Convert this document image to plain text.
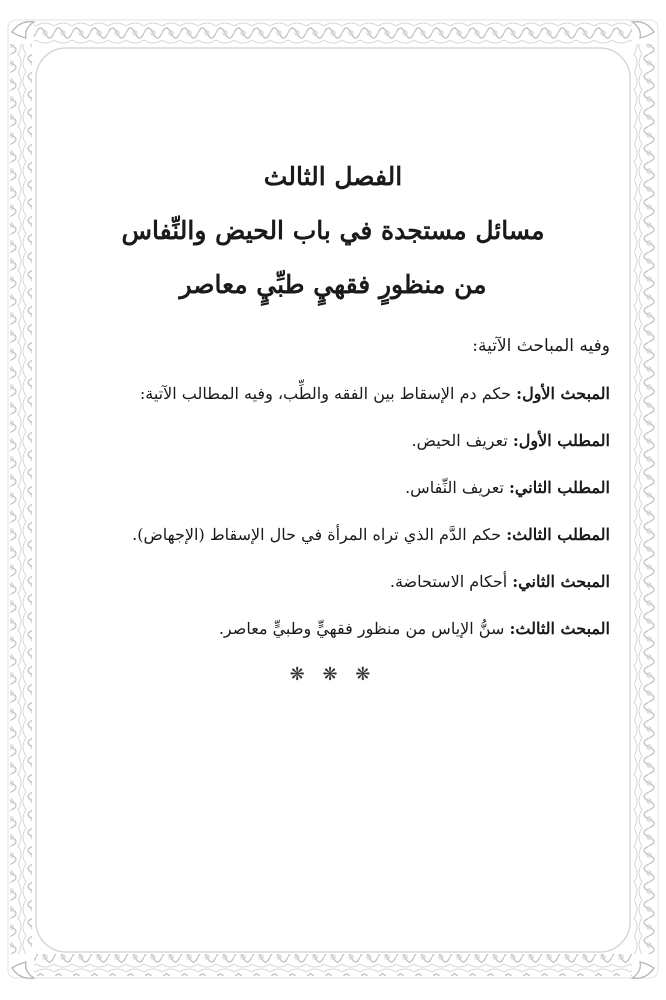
الفصل الثالث

مسائل مستجدة في باب الحيض والنِّفاس

من منظورٍ فقهيٍ طبِّيٍ معاصر

وفيه المباحث الآتية:

المبحث الأول: حكم دم الإسقاط بين الفقه والطِّب، وفيه المطالب الآتية:

المطلب الأول: تعريف الحيض.

المطلب الثاني: تعريف النِّفاس.

المطلب الثالث: حكم الدَّم الذي تراه المرأة في حال الإسقاط (الإجهاض).

المبحث الثاني: أحكام الاستحاضة.

المبحث الثالث: سنُّ الإياس من منظور فقهيٍّ وطبيٍّ معاصر.

❋ ❋ ❋
